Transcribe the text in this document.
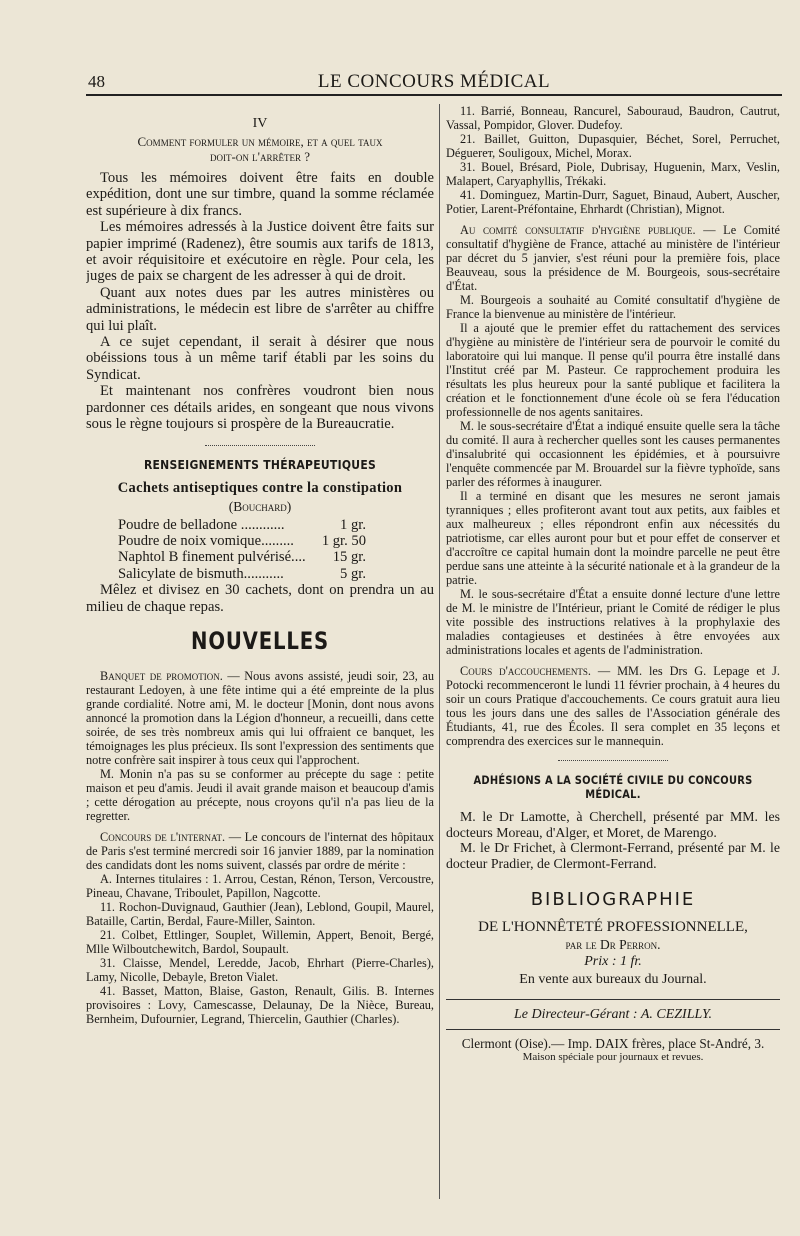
48	LE CONCOURS MÉDICAL
IV
Comment formuler un mémoire, et a quel taux
doit-on l'arrêter ?

Tous les mémoires doivent être faits en double expédition, dont une sur timbre, quand la somme réclamée est supérieure à dix francs.

Les mémoires adressés à la Justice doivent être faits sur papier imprimé (Radenez), être soumis aux tarifs de 1813, et avoir réquisitoire et exécutoire en règle. Pour cela, les juges de paix se chargent de les adresser à qui de droit.

Quant aux notes dues par les autres ministères ou administrations, le médecin est libre de s'arrêter au chiffre qui lui plaît.

A ce sujet cependant, il serait à désirer que nous obéissions tous à un même tarif établi par les soins du Syndicat.

Et maintenant nos confrères voudront bien nous pardonner ces détails arides, en songeant que nous vivons sous le règne toujours si prospère de la Bureaucratie.

RENSEIGNEMENTS THÉRAPEUTIQUES
Cachets antiseptiques contre la constipation
(Bouchard)
Poudre de belladone ............	1 gr.
Poudre de noix vomique......... 1 gr. 50
Naphtol B finement pulvérisé.... 15 gr.
Salicylate de bismuth...........	5 gr.

Mêlez et divisez en 30 cachets, dont on prendra un au milieu de chaque repas.

NOUVELLES

Banquet de promotion. — Nous avons assisté, jeudi soir, 23, au restaurant Ledoyen, à une fête intime qui a été empreinte de la plus grande cordialité. Notre ami, M. le docteur [Monin, dont nous avons annoncé la promotion dans la Légion d'honneur, a recueilli, dans cette soirée, de ses très nombreux amis qui lui offraient ce banquet, les témoignages les plus précieux. Ils sont l'expression des sentiments que notre confrère sait inspirer à tous ceux qui l'approchent.

M. Monin n'a pas su se conformer au précepte du sage : petite maison et peu d'amis. Jeudi il avait grande maison et beaucoup d'amis ; cette dérogation au précepte, nous croyons qu'il n'a pas lieu de la regretter.

Concours de l'internat. — Le concours de l'internat des hôpitaux de Paris s'est terminé mercredi soir 16 janvier 1889, par la nomination des candidats dont les noms suivent, classés par ordre de mérite :

A. Internes titulaires : 1. Arrou, Cestan, Rénon, Terson, Vercoustre, Pineau, Chavane, Triboulet, Papillon, Nagcotte.

11. Rochon-Duvignaud, Gauthier (Jean), Leblond, Goupil, Maurel, Bataille, Cartin, Berdal, Faure-Miller, Sainton.

21. Colbet, Ettlinger, Souplet, Willemin, Appert, Benoit, Bergé, Mlle Wilboutchewitch, Bardol, Soupault.

31. Claisse, Mendel, Leredde, Jacob, Ehrhart (Pierre-Charles), Lamy, Nicolle, Debayle, Breton Vialet.

41. Basset, Matton, Blaise, Gaston, Renault, Gilis. B. Internes provisoires : Lovy, Camescasse, Delaunay, De la Nièce, Bureau, Bernheim, Dufournier, Legrand, Thiercelin, Gauthier (Charles).

11. Barrié, Bonneau, Rancurel, Sabouraud, Baudron, Cautrut, Vassal, Pompidor, Glover. Dudefoy.

21. Baillet, Guitton, Dupasquier, Béchet, Sorel, Perruchet, Déguerет, Souligoux, Michel, Morax.

31. Bouel, Brésard, Piole, Dubrisay, Huguenin, Marx, Veslin, Malapert, Caryaphyllis, Trékaki.

41. Dominguez, Martin-Durr, Saguet, Binaud, Aubert, Auscher, Potier, Larent-Préfontaine, Ehrhardt (Christian), Mignot.

Au comité consultatif d'hygiène publique. — Le Comité consultatif d'hygiène de France, attaché au ministère de l'intérieur par décret du 5 janvier, s'est réuni pour la première fois, place Beauveau, sous la présidence de M. Bourgeois, sous-secrétaire d'État.

M. Bourgeois a souhaité au Comité consultatif d'hygiène de France la bienvenue au ministère de l'intérieur.

Il a ajouté que le premier effet du rattachement des services d'hygiène au ministère de l'intérieur sera de pourvoir le comité du laboratoire qui lui manque. Il pense qu'il pourra être installé dans l'Institut créé par M. Pasteur. Ce rapprochement produira les résultats les plus heureux pour la santé publique et facilitera la création et le fonctionnement d'une école où se fera l'éducation professionnelle de nos agents sanitaires.

M. le sous-secrétaire d'État a indiqué ensuite quelle sera la tâche du comité. Il aura à rechercher quelles sont les causes permanentes d'insalubrité qui occasionnent les épidémies, et à poursuivre l'enquête commencée par M. Brouardel sur la fièvre typhoïde, sans parler des réformes à inaugurer.

Il a terminé en disant que les mesures ne seront jamais tyranniques ; elles profiteront avant tout aux petits, aux faibles et aux malheureux ; elles répondront enfin aux nécessités du patriotisme, car elles auront pour but et pour effet de conserver et d'accroître ce capital humain dont la moindre parcelle ne peut être perdue sans une atteinte à la sécurité nationale et à la grandeur de la patrie.

M. le sous-secrétaire d'État a ensuite donné lecture d'une lettre de M. le ministre de l'Intérieur, priant le Comité de rédiger le plus vite possible des instructions relatives à la prophylaxie des maladies contagieuses et destinées à être envoyées aux administrations locales et agents de l'administration.

Cours d'accouchements. — MM. les Drs G. Lepage et J. Potocki recommenceront le lundi 11 février prochain, à 4 heures du soir un cours Pratique d'accouchements. Ce cours gratuit aura lieu tous les jours dans une des salles de l'Association générale des Étudiants, 41, rue des Écoles. Il sera complet en 35 leçons et comprendra des exercices sur le mannequin.

ADHÉSIONS A LA SOCIÉTÉ CIVILE DU CONCOURS MÉDICAL.

M. le Dr Lamotte, à Cherchell, présenté par MM. les docteurs Moreau, d'Alger, et Moret, de Marengo.

M. le Dr Frichet, à Clermont-Ferrand, présenté par M. le docteur Pradier, de Clermont-Ferrand.

BIBLIOGRAPHIE
DE L'HONNÊTETÉ PROFESSIONNELLE,
par le Dr Perron.
Prix : 1 fr.
En vente aux bureaux du Journal.
Le Directeur-Gérant : A. CEZILLY.
Clermont (Oise).— Imp. DAIX frères, place St-André, 3.
Maison spéciale pour journaux et revues.
